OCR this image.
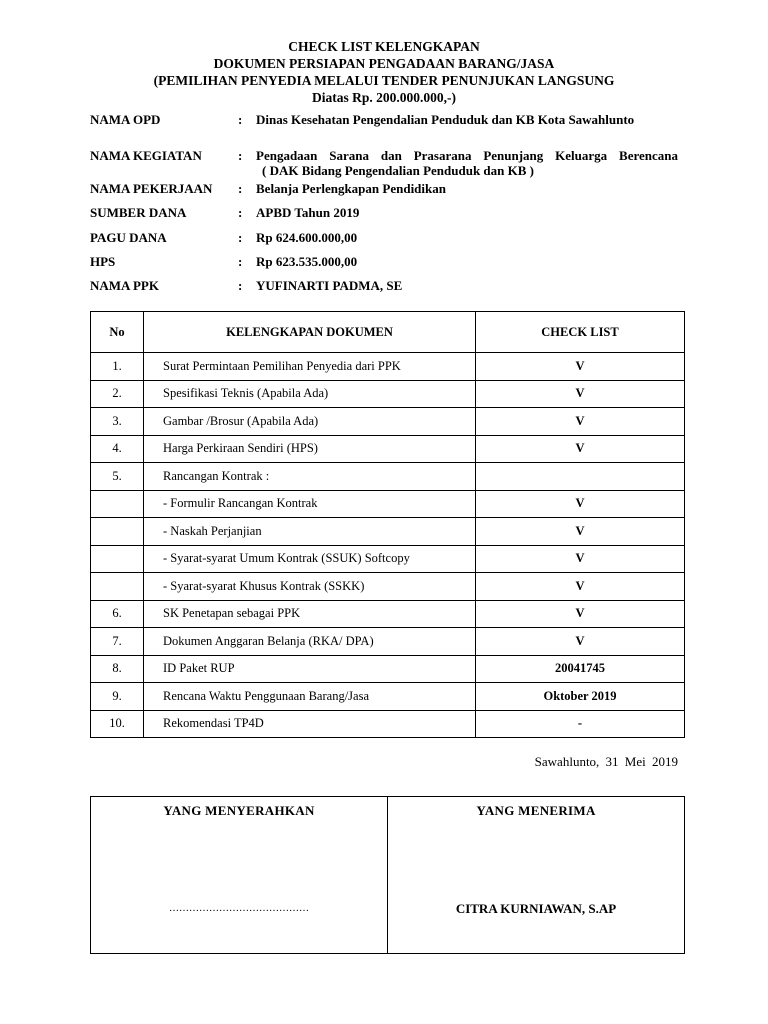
CHECK LIST KELENGKAPAN
DOKUMEN PERSIAPAN PENGADAAN BARANG/JASA
(PEMILIHAN PENYEDIA MELALUI TENDER PENUNJUKAN LANGSUNG
Diatas Rp. 200.000.000,-)
NAMA OPD	: Dinas Kesehatan Pengendalian Penduduk dan KB Kota Sawahlunto
NAMA KEGIATAN	: Pengadaan Sarana dan Prasarana Penunjang Keluarga Berencana
( DAK Bidang Pengendalian Penduduk dan KB )
NAMA PEKERJAAN : Belanja Perlengkapan Pendidikan
SUMBER DANA	: APBD Tahun 2019
PAGU DANA	: Rp 624.600.000,00
HPS	: Rp 623.535.000,00
NAMA PPK	: YUFINARTI PADMA, SE
No	KELENGKAPAN DOKUMEN	CHECK LIST
1.	Surat Permintaan Pemilihan Penyedia dari PPK	V
2.	Spesifikasi Teknis (Apabila Ada)	V
3.	Gambar /Brosur (Apabila Ada)	V
4.	Harga Perkiraan Sendiri (HPS)	V
5.	Rancangan Kontrak :	
	- Formulir Rancangan Kontrak	V
	- Naskah Perjanjian	V
	- Syarat-syarat Umum Kontrak (SSUK) Softcopy	V
	- Syarat-syarat Khusus Kontrak (SSKK)	V
6.	SK Penetapan sebagai PPK	V
7.	Dokumen Anggaran Belanja (RKA/ DPA)	V
8.	ID Paket RUP	20041745
9.	Rencana Waktu Penggunaan Barang/Jasa	Oktober 2019
10.	Rekomendasi TP4D	-
Sawahlunto, 31 Mei 2019
YANG MENYERAHKAN
……………………………………

YANG MENERIMA
CITRA KURNIAWAN, S.AP
